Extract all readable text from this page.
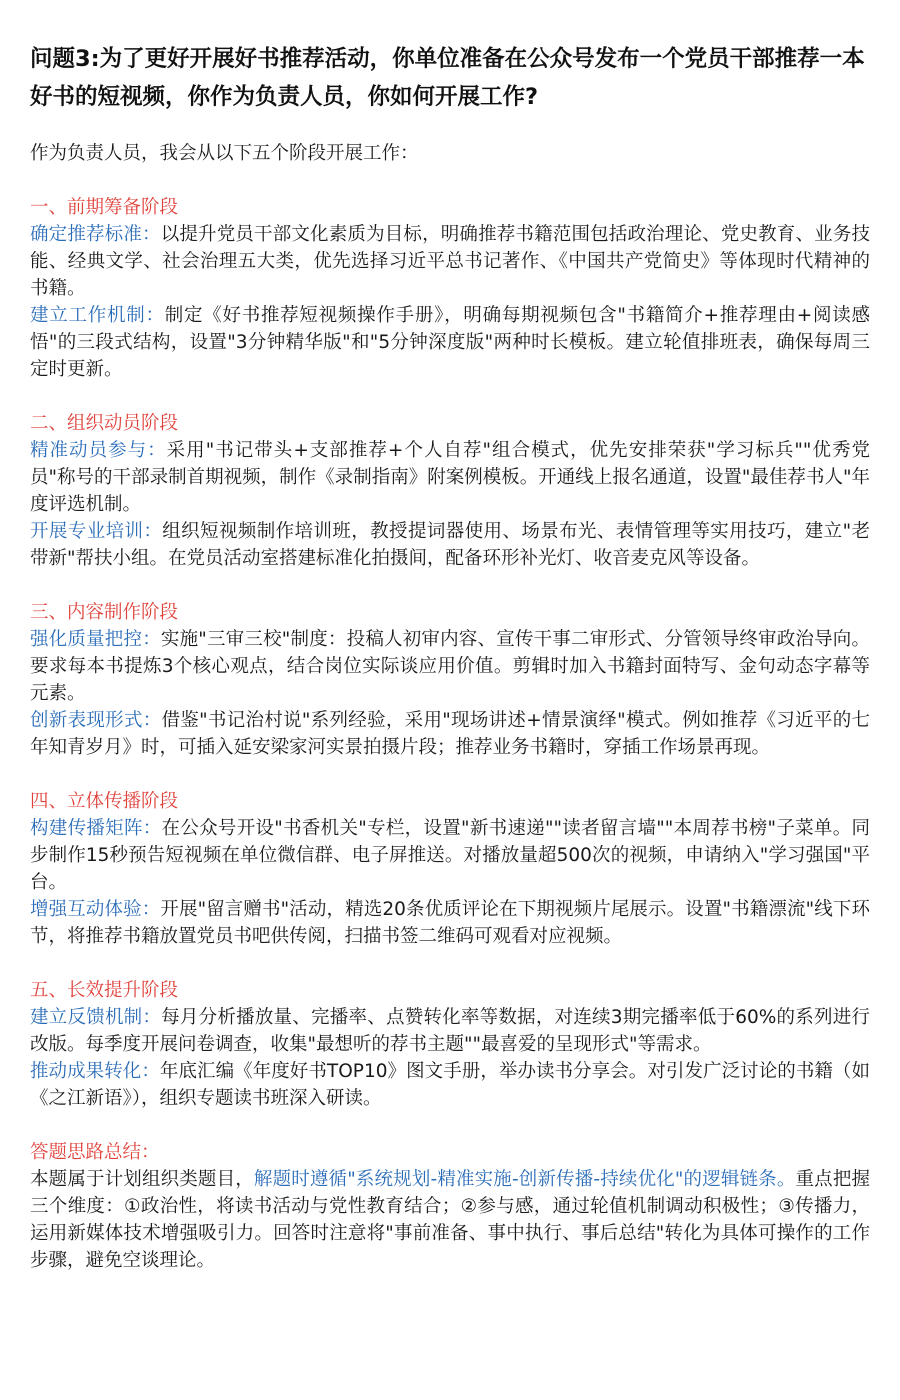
问题3:为了更好开展好书推荐活动，你单位准备在公众号发布一个党员干部推荐一本好书的短视频，你作为负责人员，你如何开展工作?
作为负责人员，我会从以下五个阶段开展工作：
一、前期筹备阶段

确定推荐标准：以提升党员干部文化素质为目标，明确推荐书籍范围包括政治理论、党史教育、业务技能、经典文学、社会治理五大类，优先选择习近平总书记著作、《中国共产党简史》等体现时代精神的书籍。

建立工作机制：制定《好书推荐短视频操作手册》，明确每期视频包含"书籍简介+推荐理由+阅读感悟"的三段式结构，设置"3分钟精华版"和"5分钟深度版"两种时长模板。建立轮值排班表，确保每周三定时更新。

二、组织动员阶段

精准动员参与：采用"书记带头+支部推荐+个人自荐"组合模式，优先安排荣获"学习标兵""优秀党员"称号的干部录制首期视频，制作《录制指南》附案例模板。开通线上报名通道，设置"最佳荐书人"年度评选机制。

开展专业培训：组织短视频制作培训班，教授提词器使用、场景布光、表情管理等实用技巧，建立"老带新"帮扶小组。在党员活动室搭建标准化拍摄间，配备环形补光灯、收音麦克风等设备。

三、内容制作阶段

强化质量把控：实施"三审三校"制度：投稿人初审内容、宣传干事二审形式、分管领导终审政治导向。要求每本书提炼3个核心观点，结合岗位实际谈应用价值。剪辑时加入书籍封面特写、金句动态字幕等元素。

创新表现形式：借鉴"书记治村说"系列经验，采用"现场讲述+情景演绎"模式。例如推荐《习近平的七年知青岁月》时，可插入延安梁家河实景拍摄片段；推荐业务书籍时，穿插工作场景再现。

四、立体传播阶段

构建传播矩阵：在公众号开设"书香机关"专栏，设置"新书速递""读者留言墙""本周荐书榜"子菜单。同步制作15秒预告短视频在单位微信群、电子屏推送。对播放量超500次的视频，申请纳入"学习强国"平台。

增强互动体验：开展"留言赠书"活动，精选20条优质评论在下期视频片尾展示。设置"书籍漂流"线下环节，将推荐书籍放置党员书吧供传阅，扫描书签二维码可观看对应视频。

五、长效提升阶段

建立反馈机制：每月分析播放量、完播率、点赞转化率等数据，对连续3期完播率低于60%的系列进行改版。每季度开展问卷调查，收集"最想听的荐书主题""最喜爱的呈现形式"等需求。

推动成果转化：年底汇编《年度好书TOP10》图文手册，举办读书分享会。对引发广泛讨论的书籍（如《之江新语》），组织专题读书班深入研读。

答题思路总结：

本题属于计划组织类题目，解题时遵循"系统规划-精准实施-创新传播-持续优化"的逻辑链条。重点把握三个维度：①政治性，将读书活动与党性教育结合；②参与感，通过轮值机制调动积极性；③传播力，运用新媒体技术增强吸引力。回答时注意将"事前准备、事中执行、事后总结"转化为具体可操作的工作步骤，避免空谈理论。
